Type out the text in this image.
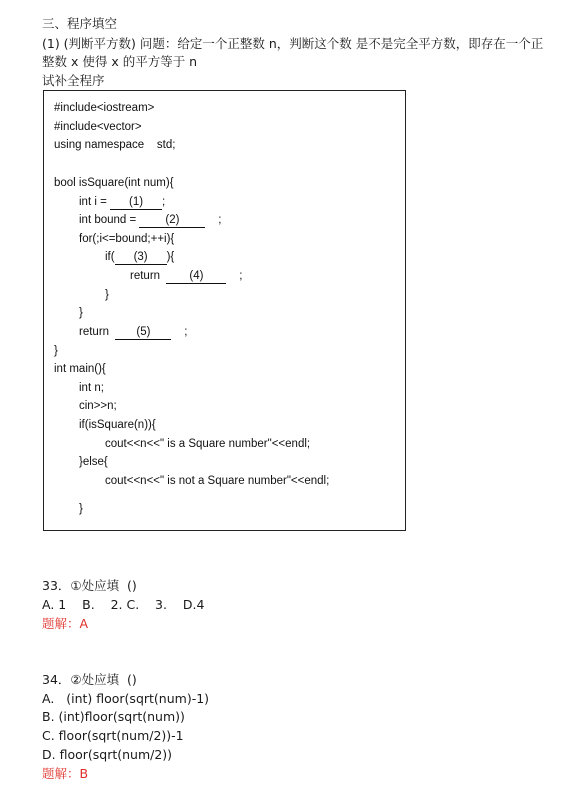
三、程序填空
(1) (判断平方数) 问题：给定一个正整数 n，判断这个数 是不是完全平方数，即存在一个正
整数 x 使得 x 的平方等于 n
试补全程序
#include<iostream>
#include<vector>
using namespace    std;
bool isSquare(int num){
int i = (1) ;
int bound = (2)    ;
for(;i<=bound;++i){
if( (3) ){
return  (4)    ;
}
}
return  (5)    ;
}
int main(){
int n;
cin>>n;
if(isSquare(n)){
cout<<n<<" is a Square number"<<endl;
}else{
cout<<n<<" is not a Square number"<<endl;
}
33．①处应填  ()
A. 1    B.    2. C.    3.    D.4
题解：A
34．②处应填  ()
A.   (int) floor(sqrt(num)-1)
B. (int)floor(sqrt(num))
C. floor(sqrt(num/2))-1
D. floor(sqrt(num/2))
题解：B
